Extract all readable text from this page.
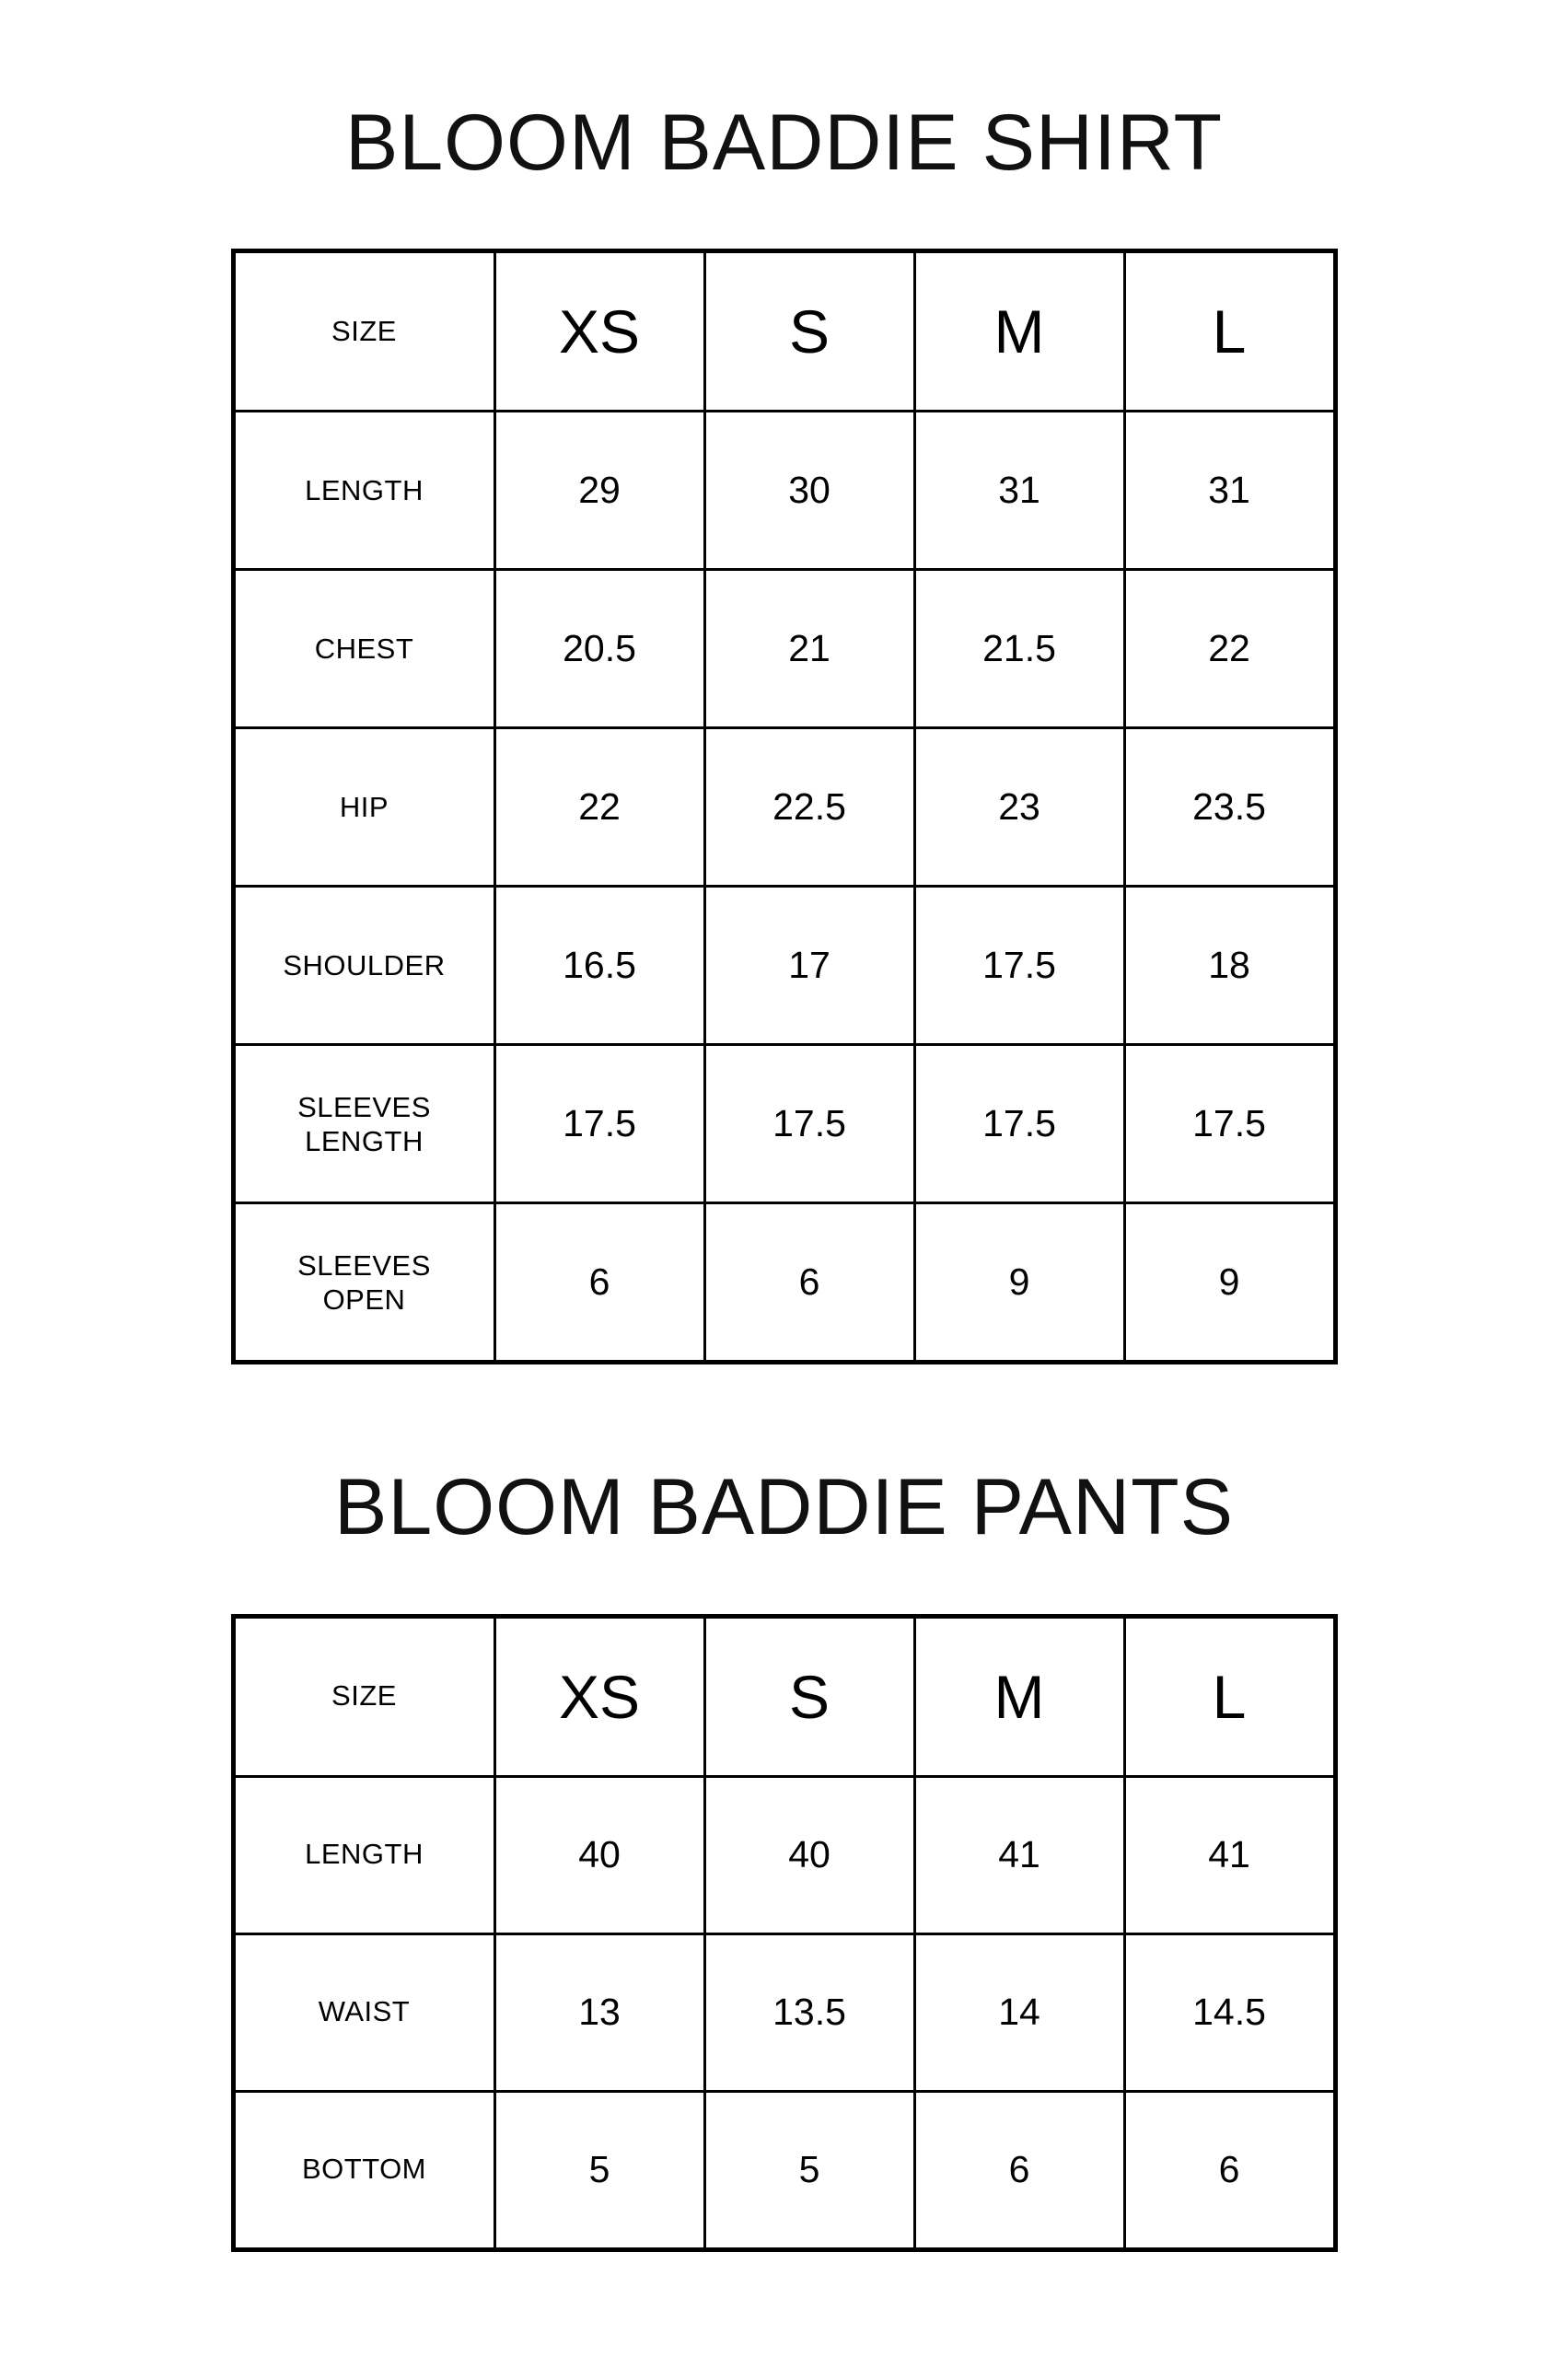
BLOOM BADDIE SHIRT
SIZE	XS	S	M	L
LENGTH	29	30	31	31
CHEST	20.5	21	21.5	22
HIP	22	22.5	23	23.5
SHOULDER	16.5	17	17.5	18

SLEEVES
LENGTH	17.5	17.5	17.5	17.5

SLEEVES
OPEN	6	6	9	9
BLOOM BADDIE PANTS
SIZE	XS	S	M	L
LENGTH	40	40	41	41
WAIST	13	13.5	14	14.5
BOTTOM	5	5	6	6
